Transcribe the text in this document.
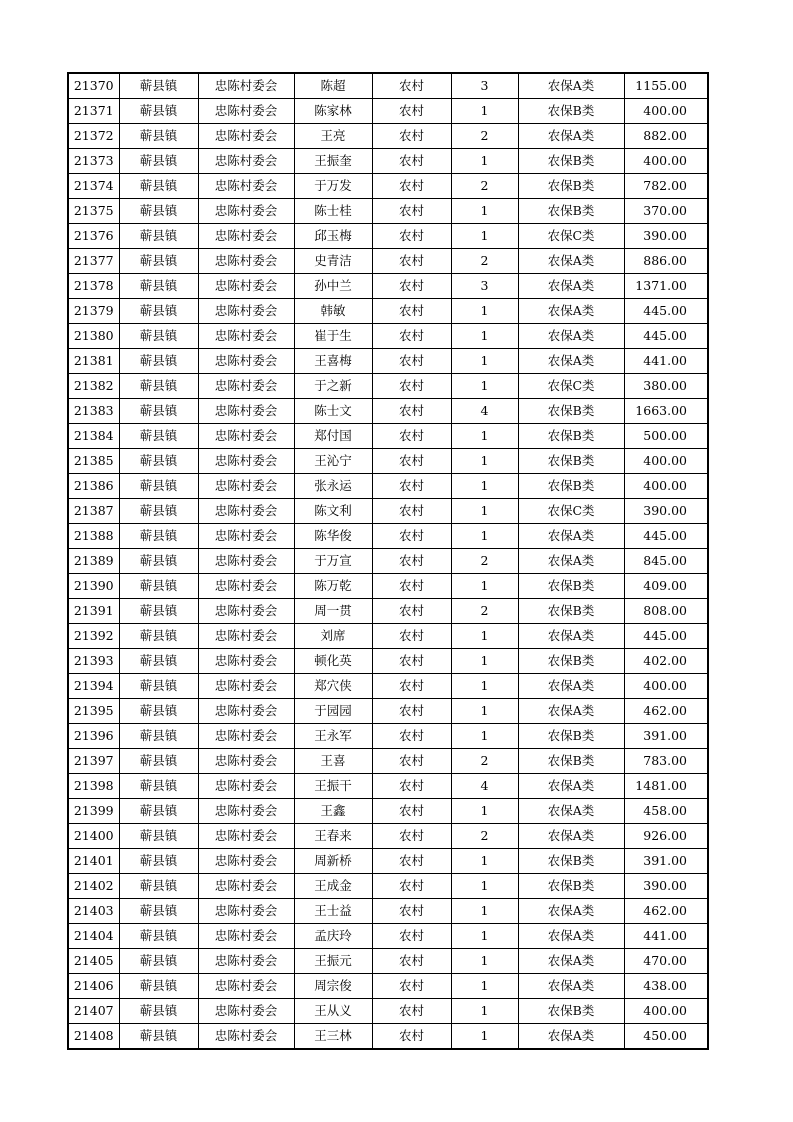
21370	蕲县镇	忠陈村委会	陈超	农村	3	农保A类	1155.00
21371	蕲县镇	忠陈村委会	陈家林	农村	1	农保B类	400.00
21372	蕲县镇	忠陈村委会	王亮	农村	2	农保A类	882.00
21373	蕲县镇	忠陈村委会	王振奎	农村	1	农保B类	400.00
21374	蕲县镇	忠陈村委会	于万发	农村	2	农保B类	782.00
21375	蕲县镇	忠陈村委会	陈士桂	农村	1	农保B类	370.00
21376	蕲县镇	忠陈村委会	邱玉梅	农村	1	农保C类	390.00
21377	蕲县镇	忠陈村委会	史青洁	农村	2	农保A类	886.00
21378	蕲县镇	忠陈村委会	孙中兰	农村	3	农保A类	1371.00
21379	蕲县镇	忠陈村委会	韩敏	农村	1	农保A类	445.00
21380	蕲县镇	忠陈村委会	崔于生	农村	1	农保A类	445.00
21381	蕲县镇	忠陈村委会	王喜梅	农村	1	农保A类	441.00
21382	蕲县镇	忠陈村委会	于之新	农村	1	农保C类	380.00
21383	蕲县镇	忠陈村委会	陈士文	农村	4	农保B类	1663.00
21384	蕲县镇	忠陈村委会	郑付国	农村	1	农保B类	500.00
21385	蕲县镇	忠陈村委会	王沁宁	农村	1	农保B类	400.00
21386	蕲县镇	忠陈村委会	张永运	农村	1	农保B类	400.00
21387	蕲县镇	忠陈村委会	陈文利	农村	1	农保C类	390.00
21388	蕲县镇	忠陈村委会	陈华俊	农村	1	农保A类	445.00
21389	蕲县镇	忠陈村委会	于万宣	农村	2	农保A类	845.00
21390	蕲县镇	忠陈村委会	陈万乾	农村	1	农保B类	409.00
21391	蕲县镇	忠陈村委会	周一贯	农村	2	农保B类	808.00
21392	蕲县镇	忠陈村委会	刘席	农村	1	农保A类	445.00
21393	蕲县镇	忠陈村委会	顿化英	农村	1	农保B类	402.00
21394	蕲县镇	忠陈村委会	郑穴侠	农村	1	农保A类	400.00
21395	蕲县镇	忠陈村委会	于园园	农村	1	农保A类	462.00
21396	蕲县镇	忠陈村委会	王永军	农村	1	农保B类	391.00
21397	蕲县镇	忠陈村委会	王喜	农村	2	农保B类	783.00
21398	蕲县镇	忠陈村委会	王振干	农村	4	农保A类	1481.00
21399	蕲县镇	忠陈村委会	王鑫	农村	1	农保A类	458.00
21400	蕲县镇	忠陈村委会	王春来	农村	2	农保A类	926.00
21401	蕲县镇	忠陈村委会	周新桥	农村	1	农保B类	391.00
21402	蕲县镇	忠陈村委会	王成金	农村	1	农保B类	390.00
21403	蕲县镇	忠陈村委会	王士益	农村	1	农保A类	462.00
21404	蕲县镇	忠陈村委会	孟庆玲	农村	1	农保A类	441.00
21405	蕲县镇	忠陈村委会	王振元	农村	1	农保A类	470.00
21406	蕲县镇	忠陈村委会	周宗俊	农村	1	农保A类	438.00
21407	蕲县镇	忠陈村委会	王从义	农村	1	农保B类	400.00
21408	蕲县镇	忠陈村委会	王三林	农村	1	农保A类	450.00
